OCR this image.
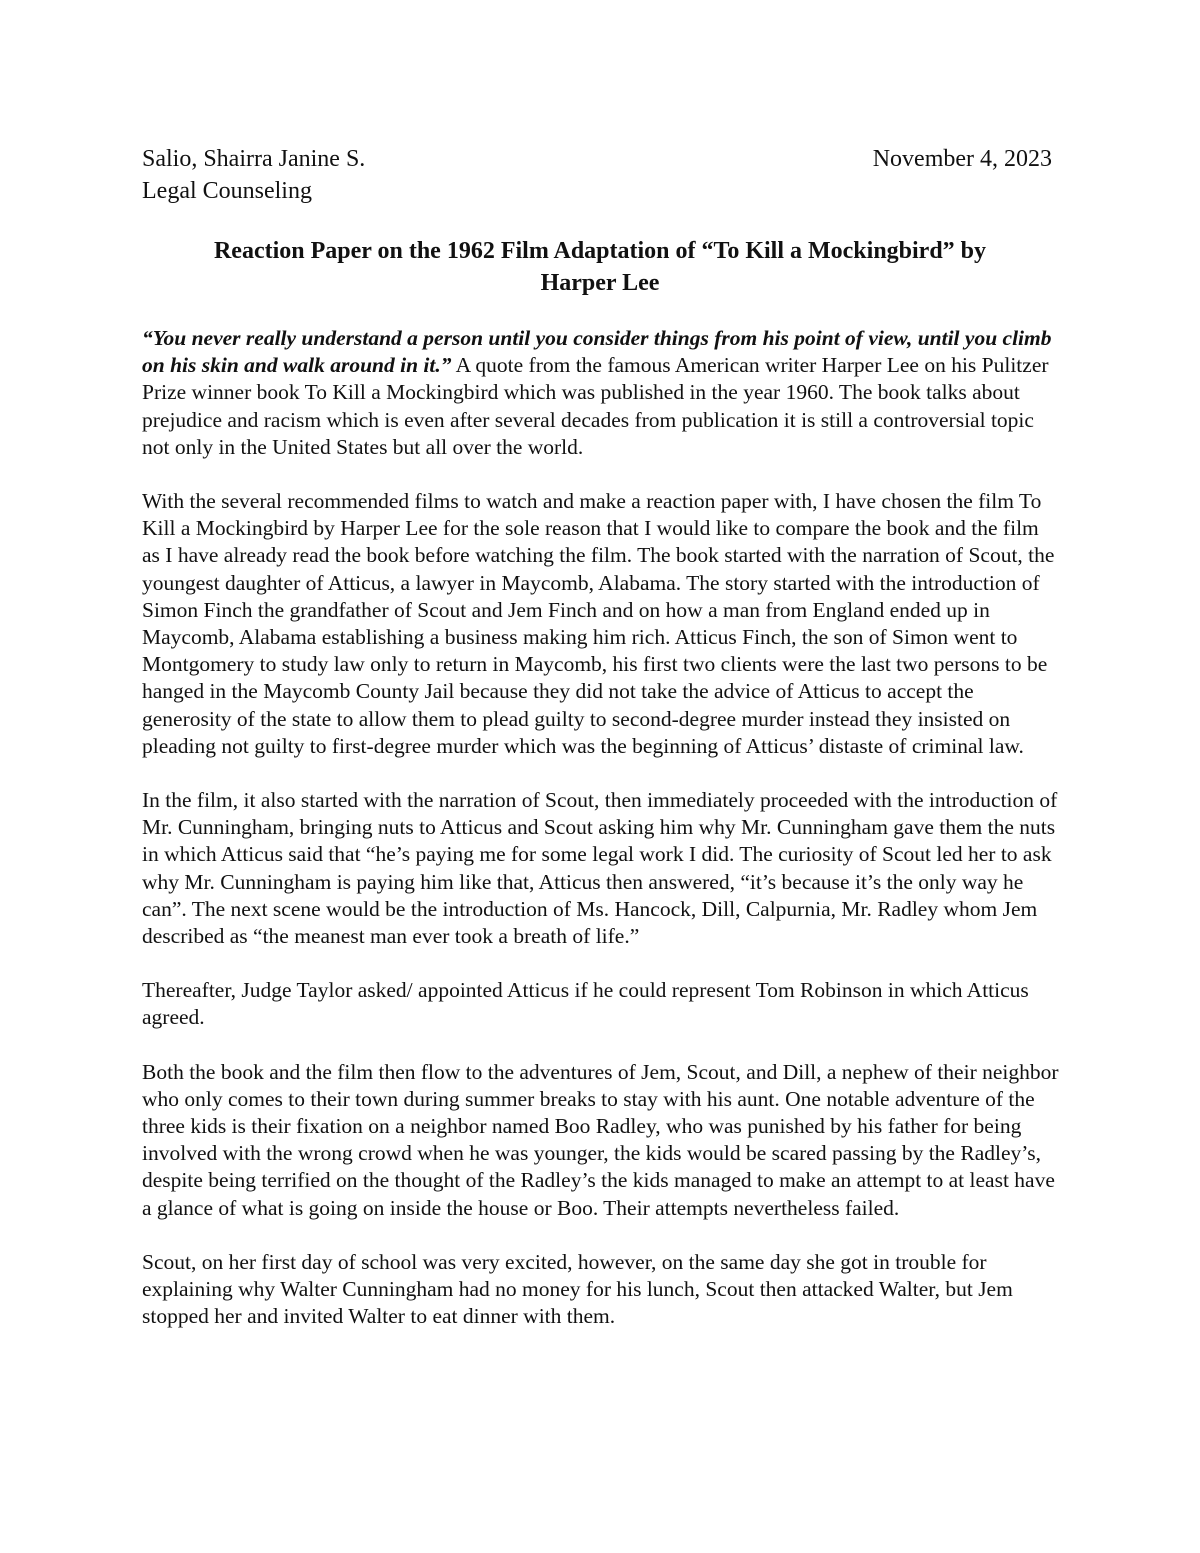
Salio, Shairra Janine S.
Legal Counseling
November 4, 2023
Reaction Paper on the 1962 Film Adaptation of “To Kill a Mockingbird” by
Harper Lee

“You never really understand a person until you consider things from his point of view, until you climb on his skin and walk around in it.” A quote from the famous American writer Harper Lee on his Pulitzer Prize winner book To Kill a Mockingbird which was published in the year 1960. The book talks about prejudice and racism which is even after several decades from publication it is still a controversial topic not only in the United States but all over the world.

With the several recommended films to watch and make a reaction paper with, I have chosen the film To Kill a Mockingbird by Harper Lee for the sole reason that I would like to compare the book and the film as I have already read the book before watching the film. The book started with the narration of Scout, the youngest daughter of Atticus, a lawyer in Maycomb, Alabama. The story started with the introduction of Simon Finch the grandfather of Scout and Jem Finch and on how a man from England ended up in Maycomb, Alabama establishing a business making him rich. Atticus Finch, the son of Simon went to Montgomery to study law only to return in Maycomb, his first two clients were the last two persons to be hanged in the Maycomb County Jail because they did not take the advice of Atticus to accept the generosity of the state to allow them to plead guilty to second-degree murder instead they insisted on pleading not guilty to first-degree murder which was the beginning of Atticus’ distaste of criminal law.

In the film, it also started with the narration of Scout, then immediately proceeded with the introduction of Mr. Cunningham, bringing nuts to Atticus and Scout asking him why Mr. Cunningham gave them the nuts in which Atticus said that “he’s paying me for some legal work I did. The curiosity of Scout led her to ask why Mr. Cunningham is paying him like that, Atticus then answered, “it’s because it’s the only way he can”. The next scene would be the introduction of Ms. Hancock, Dill, Calpurnia, Mr. Radley whom Jem described as “the meanest man ever took a breath of life.”

Thereafter, Judge Taylor asked/ appointed Atticus if he could represent Tom Robinson in which Atticus agreed.

Both the book and the film then flow to the adventures of Jem, Scout, and Dill, a nephew of their neighbor who only comes to their town during summer breaks to stay with his aunt. One notable adventure of the three kids is their fixation on a neighbor named Boo Radley, who was punished by his father for being involved with the wrong crowd when he was younger, the kids would be scared passing by the Radley’s, despite being terrified on the thought of the Radley’s the kids managed to make an attempt to at least have a glance of what is going on inside the house or Boo. Their attempts nevertheless failed.

Scout, on her first day of school was very excited, however, on the same day she got in trouble for explaining why Walter Cunningham had no money for his lunch, Scout then attacked Walter, but Jem stopped her and invited Walter to eat dinner with them.
